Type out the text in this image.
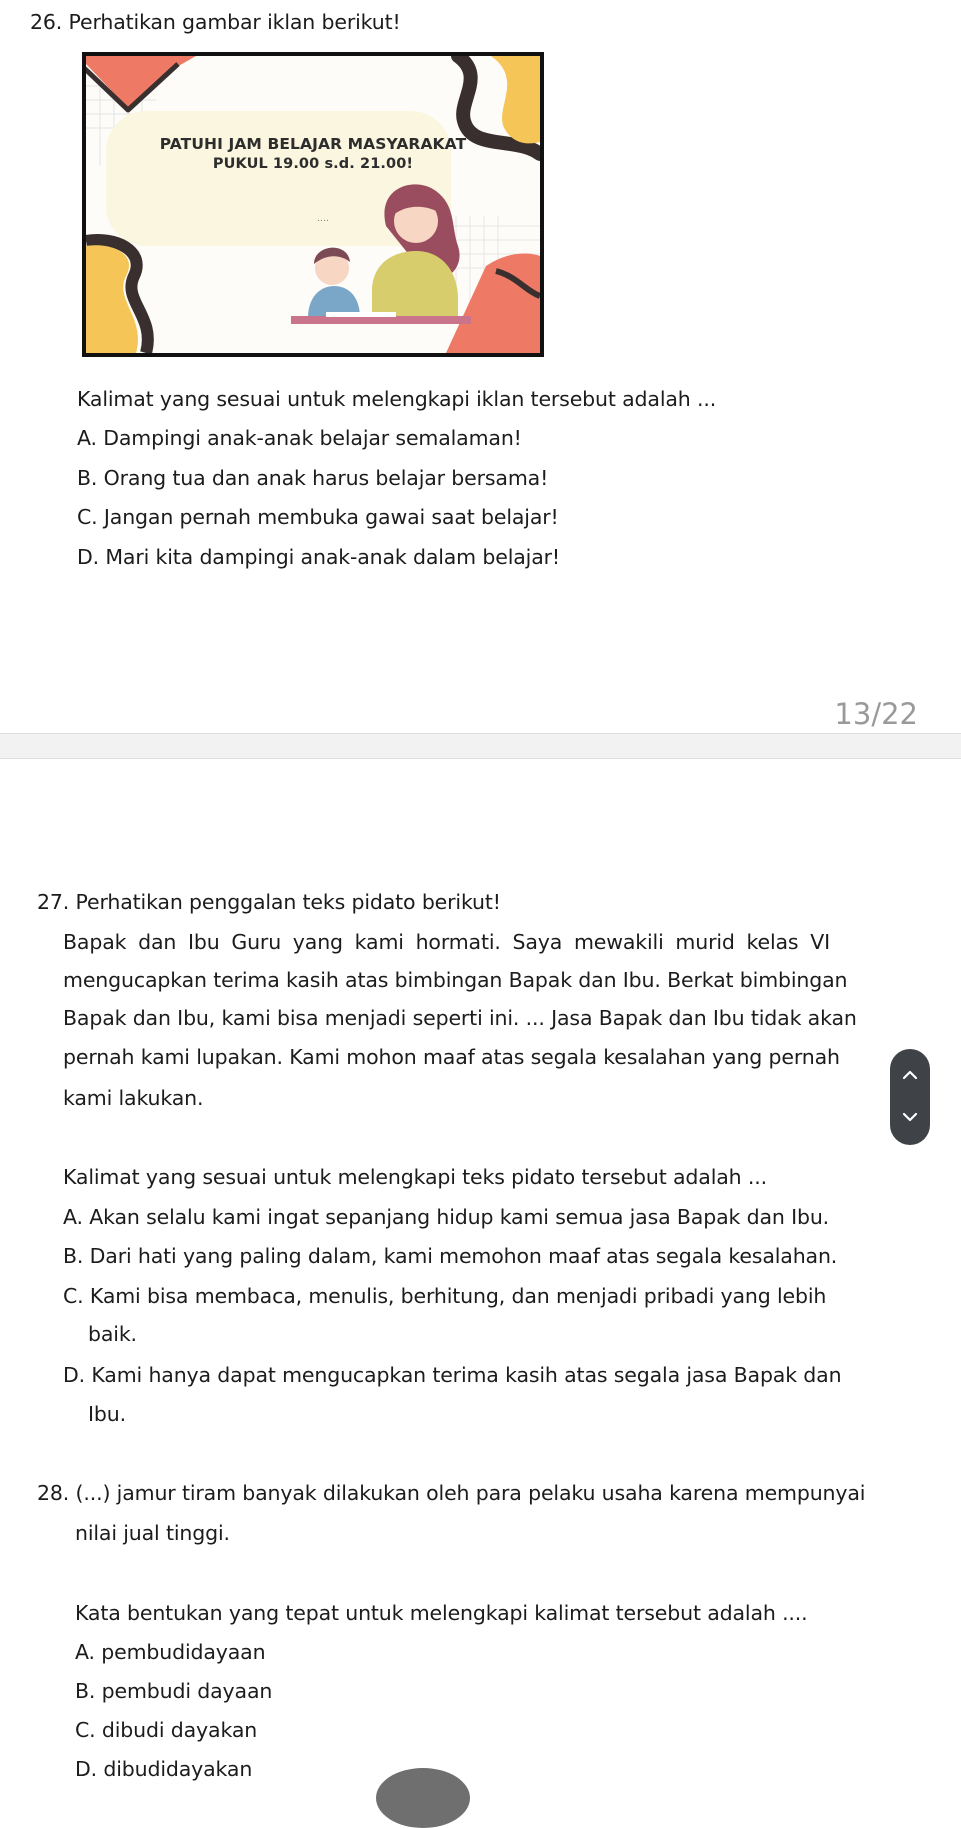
26. Perhatikan gambar iklan berikut!
PATUHI JAM BELAJAR MASYARAKAT
PUKUL 19.00 s.d. 21.00!
....
Kalimat yang sesuai untuk melengkapi iklan tersebut adalah ...
A. Dampingi anak-anak belajar semalaman!
B. Orang tua dan anak harus belajar bersama!
C. Jangan pernah membuka gawai saat belajar!
D. Mari kita dampingi anak-anak dalam belajar!
13/22
27. Perhatikan penggalan teks pidato berikut!
Bapak dan Ibu Guru yang kami hormati. Saya mewakili murid kelas VI
mengucapkan terima kasih atas bimbingan Bapak dan Ibu. Berkat bimbingan
Bapak dan Ibu, kami bisa menjadi seperti ini. ... Jasa Bapak dan Ibu tidak akan
pernah kami lupakan. Kami mohon maaf atas segala kesalahan yang pernah
kami lakukan.
Kalimat yang sesuai untuk melengkapi teks pidato tersebut adalah ...
A. Akan selalu kami ingat sepanjang hidup kami semua jasa Bapak dan Ibu.
B. Dari hati yang paling dalam, kami memohon maaf atas segala kesalahan.
C. Kami bisa membaca, menulis, berhitung, dan menjadi pribadi yang lebih
baik.
D. Kami hanya dapat mengucapkan terima kasih atas segala jasa Bapak dan
Ibu.
28. (...) jamur tiram banyak dilakukan oleh para pelaku usaha karena mempunyai
nilai jual tinggi.
Kata bentukan yang tepat untuk melengkapi kalimat tersebut adalah ....
A. pembudidayaan
B. pembudi dayaan
C. dibudi dayakan
D. dibudidayakan
